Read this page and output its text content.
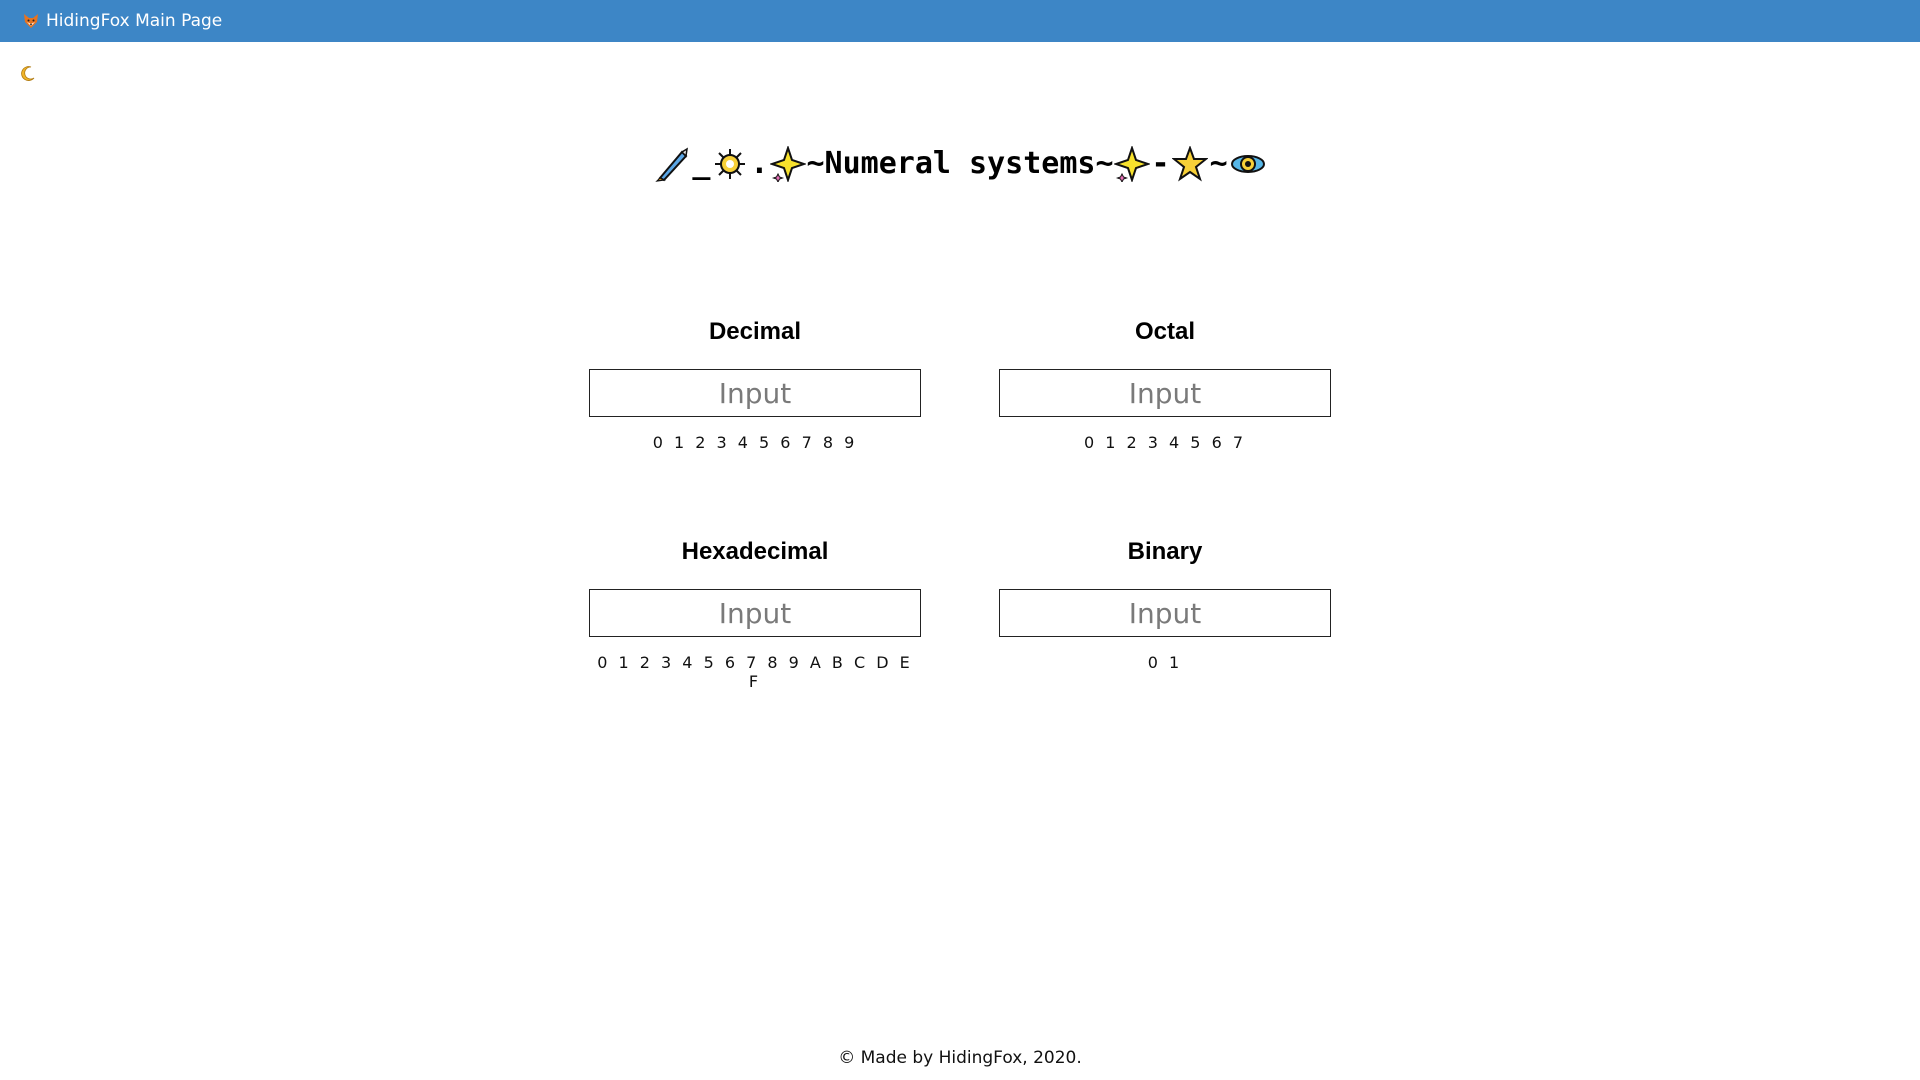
HidingFox Main Page
_ . ~Numeral systems~ - ~
Decimal
Input
0 1 2 3 4 5 6 7 8 9
Octal
Input
0 1 2 3 4 5 6 7
Hexadecimal
Input
0 1 2 3 4 5 6 7 8 9 A B C D E F
Binary
Input
0 1
© Made by HidingFox, 2020.
